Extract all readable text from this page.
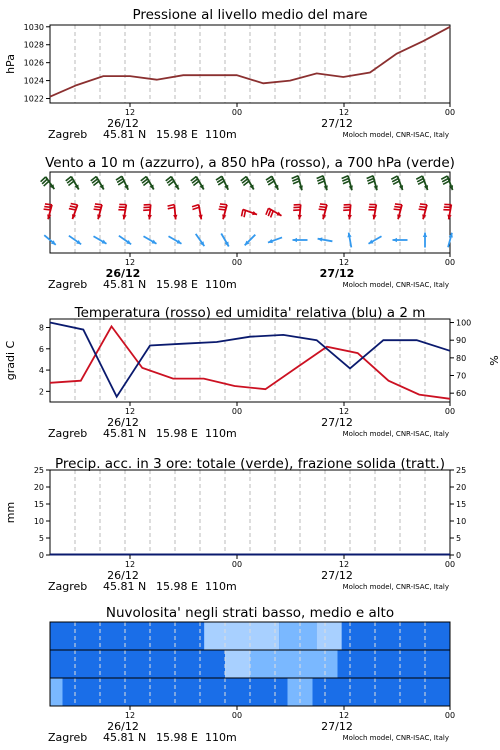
Pressione al livello medio del mare
1022
1024
1026
1028
1030
hPa
12	00	12	00
26/12	27/12
Zagreb 45.81 N 15.98 E 110m	Moloch model, CNR-ISAC, Italy
Vento a 10 m (azzurro), a 850 hPa (rosso), a 700 hPa (verde)
12	00	12	00
26/12	27/12
Zagreb 45.81 N 15.98 E 110m	Moloch model, CNR-ISAC, Italy
Temperatura (rosso) ed umidita' relativa (blu) a 2 m
2
4
6
8
60
70
80
90
100
gradi C	%
12	00	12	00
26/12	27/12
Zagreb 45.81 N 15.98 E 110m	Moloch model, CNR-ISAC, Italy
Precip. acc. in 3 ore: totale (verde), frazione solida (tratt.)
0	0
5	5
10	10
15	15
20	20
25	25
mm
12	00	12	00
26/12	27/12
Zagreb 45.81 N 15.98 E 110m	Moloch model, CNR-ISAC, Italy
Nuvolosita' negli strati basso, medio e alto
12	00	12	00
26/12	27/12
Zagreb 45.81 N 15.98 E 110m	Moloch model, CNR-ISAC, Italy
